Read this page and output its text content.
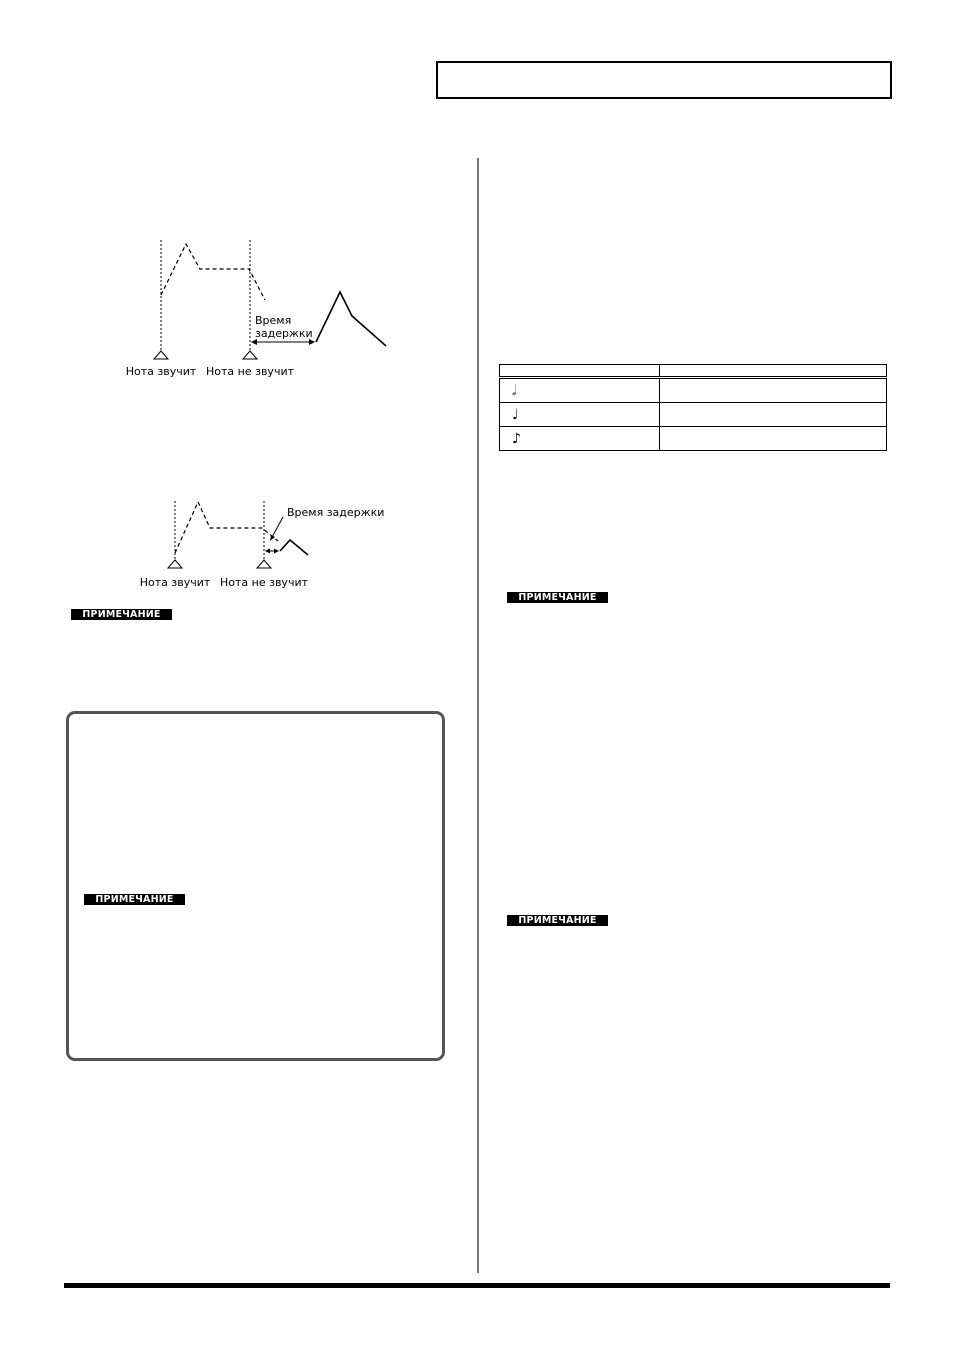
Время
задержки
Нота звучит Нота не звучит
Время задержки
Нота звучит Нота не звучит
ПРИМЕЧАНИЕ
ПРИМЕЧАНИЕ
ПРИМЕЧАНИЕ
ПРИМЕЧАНИЕ

𝅗𝅥	
♩	
♪	
